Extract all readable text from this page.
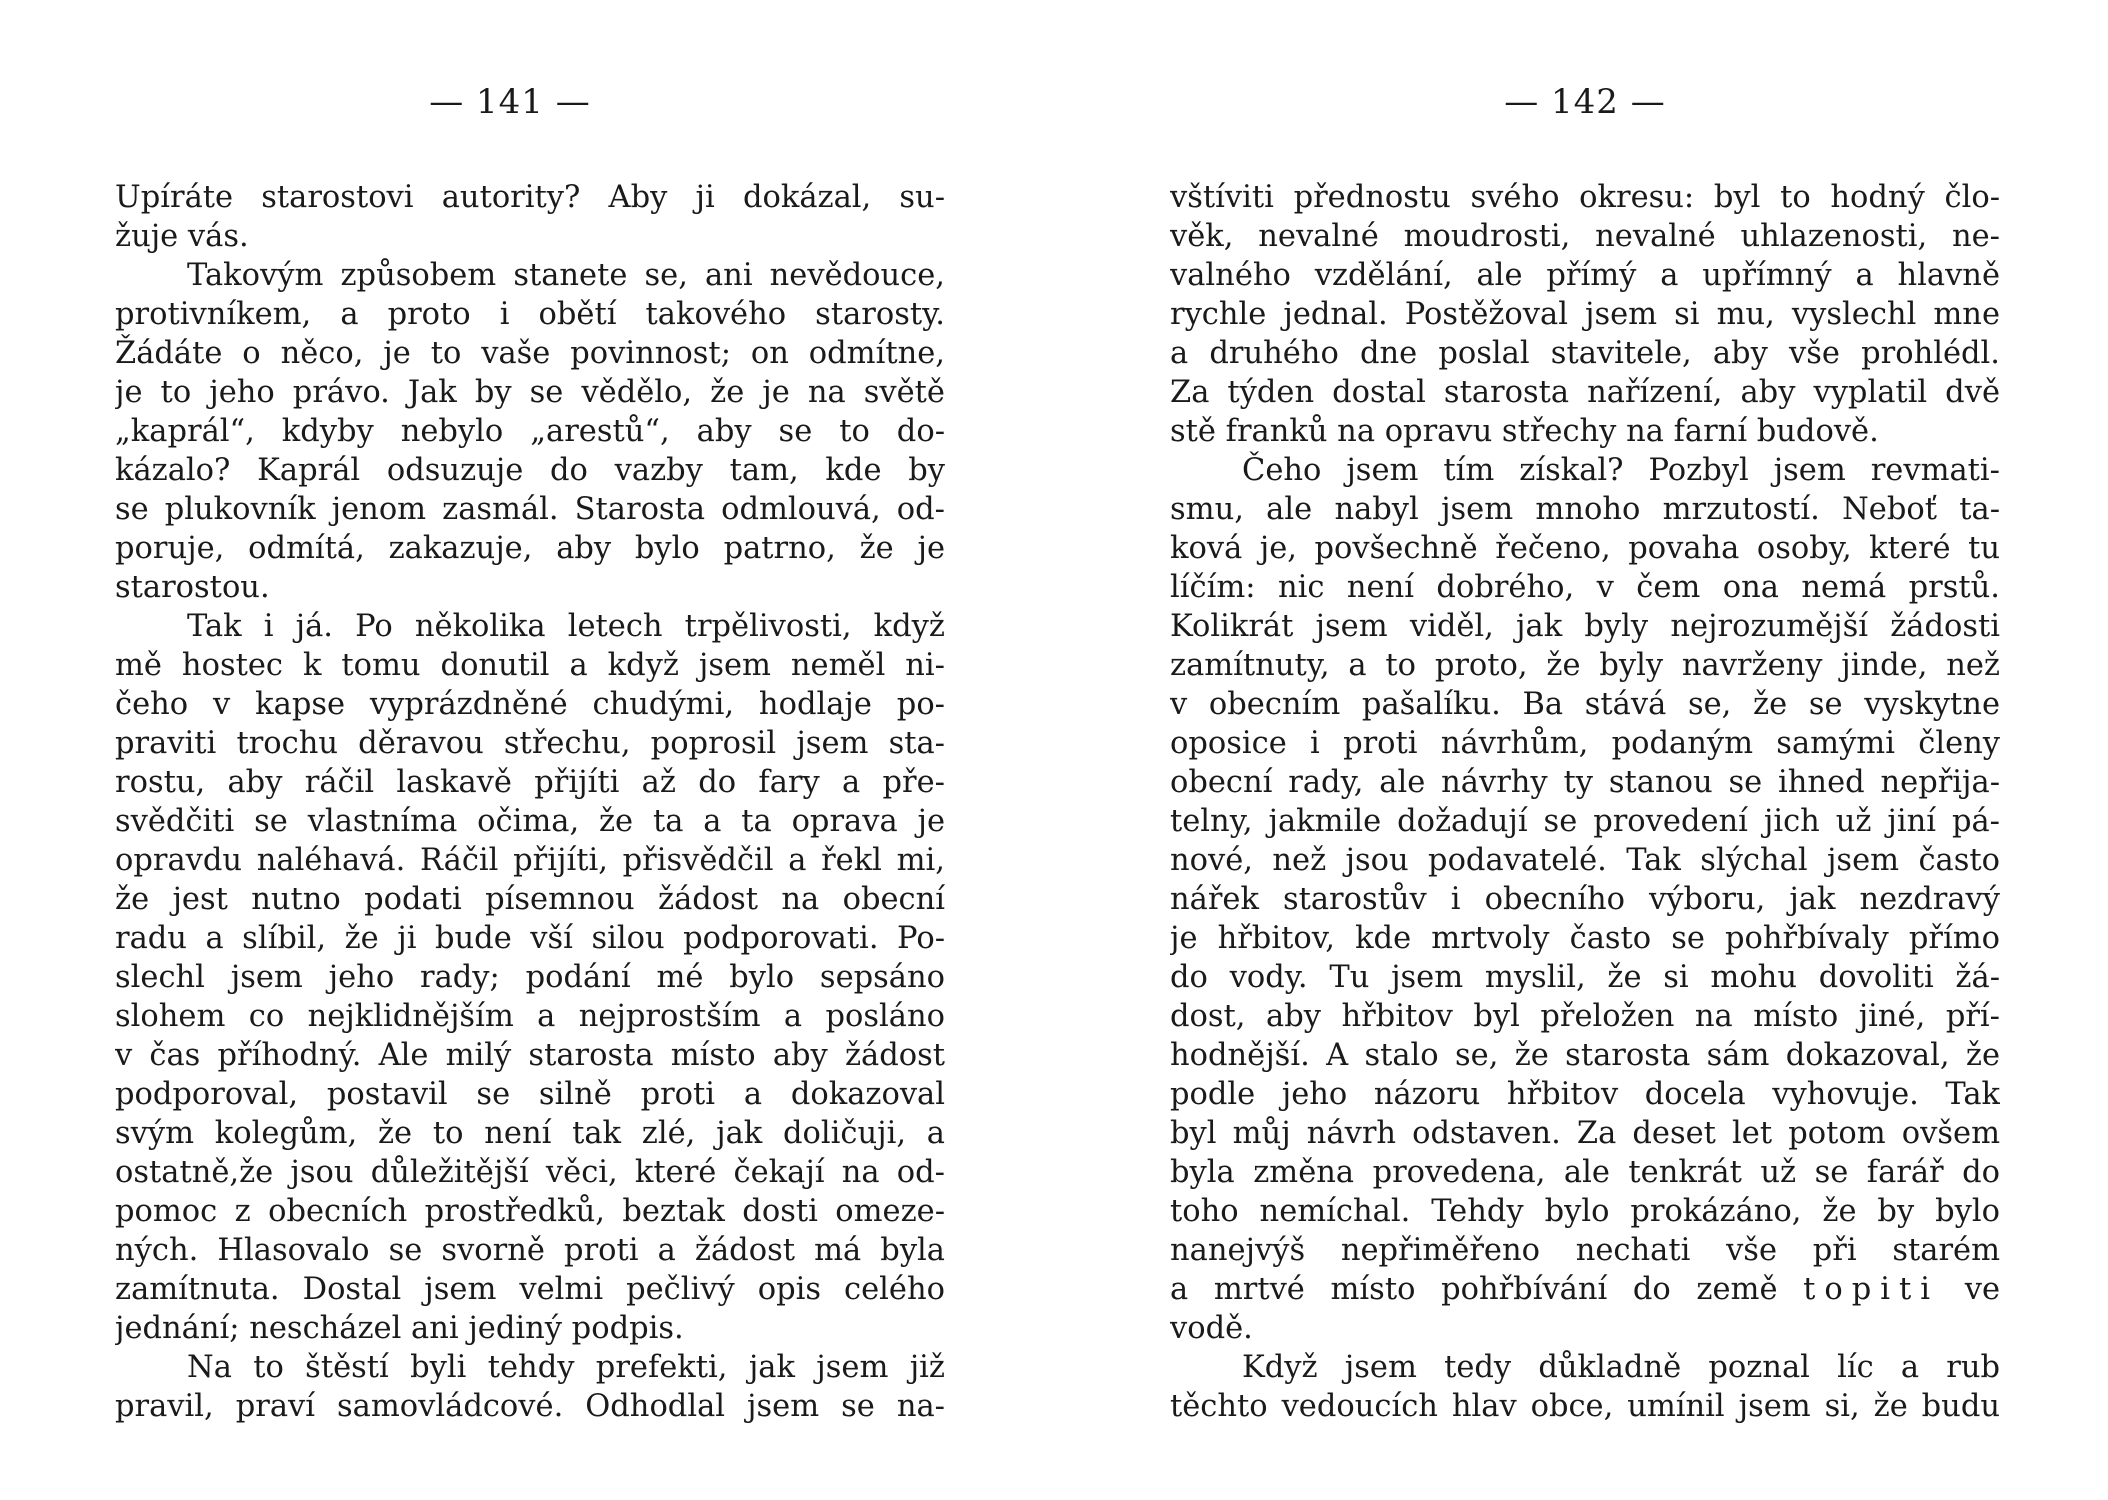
— 141 —
Upíráte starostovi autority? Aby ji dokázal, su-
žuje vás.
Takovým způsobem stanete se, ani nevědouce,
protivníkem, a proto i obětí takového starosty.
Žádáte o něco, je to vaše povinnost; on odmítne,
je to jeho právo. Jak by se vědělo, že je na světě
„kaprál“, kdyby nebylo „arestů“, aby se to do-
kázalo? Kaprál odsuzuje do vazby tam, kde by
se plukovník jenom zasmál. Starosta odmlouvá, od-
poruje, odmítá, zakazuje, aby bylo patrno, že je
starostou.
Tak i já. Po několika letech trpělivosti, když
mě hostec k tomu donutil a když jsem neměl ni-
čeho v kapse vyprázdněné chudými, hodlaje po-
praviti trochu děravou střechu, poprosil jsem sta-
rostu, aby ráčil laskavě přijíti až do fary a pře-
svědčiti se vlastníma očima, že ta a ta oprava je
opravdu naléhavá. Ráčil přijíti, přisvědčil a řekl mi,
že jest nutno podati písemnou žádost na obecní
radu a slíbil, že ji bude vší silou podporovati. Po-
slechl jsem jeho rady; podání mé bylo sepsáno
slohem co nejklidnějším a nejprostším a posláno
v čas příhodný. Ale milý starosta místo aby žádost
podporoval, postavil se silně proti a dokazoval
svým kolegům, že to není tak zlé, jak doličuji, a
ostatně,že jsou důležitější věci, které čekají na od-
pomoc z obecních prostředků, beztak dosti omeze-
ných. Hlasovalo se svorně proti a žádost má byla
zamítnuta. Dostal jsem velmi pečlivý opis celého
jednání; nescházel ani jediný podpis.
Na to štěstí byli tehdy prefekti, jak jsem již
pravil, praví samovládcové. Odhodlal jsem se na-
— 142 —
vštíviti přednostu svého okresu: byl to hodný člo-
věk, nevalné moudrosti, nevalné uhlazenosti, ne-
valného vzdělání, ale přímý a upřímný a hlavně
rychle jednal. Postěžoval jsem si mu, vyslechl mne
a druhého dne poslal stavitele, aby vše prohlédl.
Za týden dostal starosta nařízení, aby vyplatil dvě
stě franků na opravu střechy na farní budově.
Čeho jsem tím získal? Pozbyl jsem revmati-
smu, ale nabyl jsem mnoho mrzutostí. Neboť ta-
ková je, povšechně řečeno, povaha osoby, které tu
líčím: nic není dobrého, v čem ona nemá prstů.
Kolikrát jsem viděl, jak byly nejrozumější žádosti
zamítnuty, a to proto, že byly navrženy jinde, než
v obecním pašalíku. Ba stává se, že se vyskytne
oposice i proti návrhům, podaným samými členy
obecní rady, ale návrhy ty stanou se ihned nepřija-
telny, jakmile dožadují se provedení jich už jiní pá-
nové, než jsou podavatelé. Tak slýchal jsem často
nářek starostův i obecního výboru, jak nezdravý
je hřbitov, kde mrtvoly často se pohřbívaly přímo
do vody. Tu jsem myslil, že si mohu dovoliti žá-
dost, aby hřbitov byl přeložen na místo jiné, pří-
hodnější. A stalo se, že starosta sám dokazoval, že
podle jeho názoru hřbitov docela vyhovuje. Tak
byl můj návrh odstaven. Za deset let potom ovšem
byla změna provedena, ale tenkrát už se farář do
toho nemíchal. Tehdy bylo prokázáno, že by bylo
nanejvýš nepřiměřeno nechati vše při starém
a mrtvé místo pohřbívání do země topiti ve
vodě.
Když jsem tedy důkladně poznal líc a rub
těchto vedoucích hlav obce, umínil jsem si, že budu
